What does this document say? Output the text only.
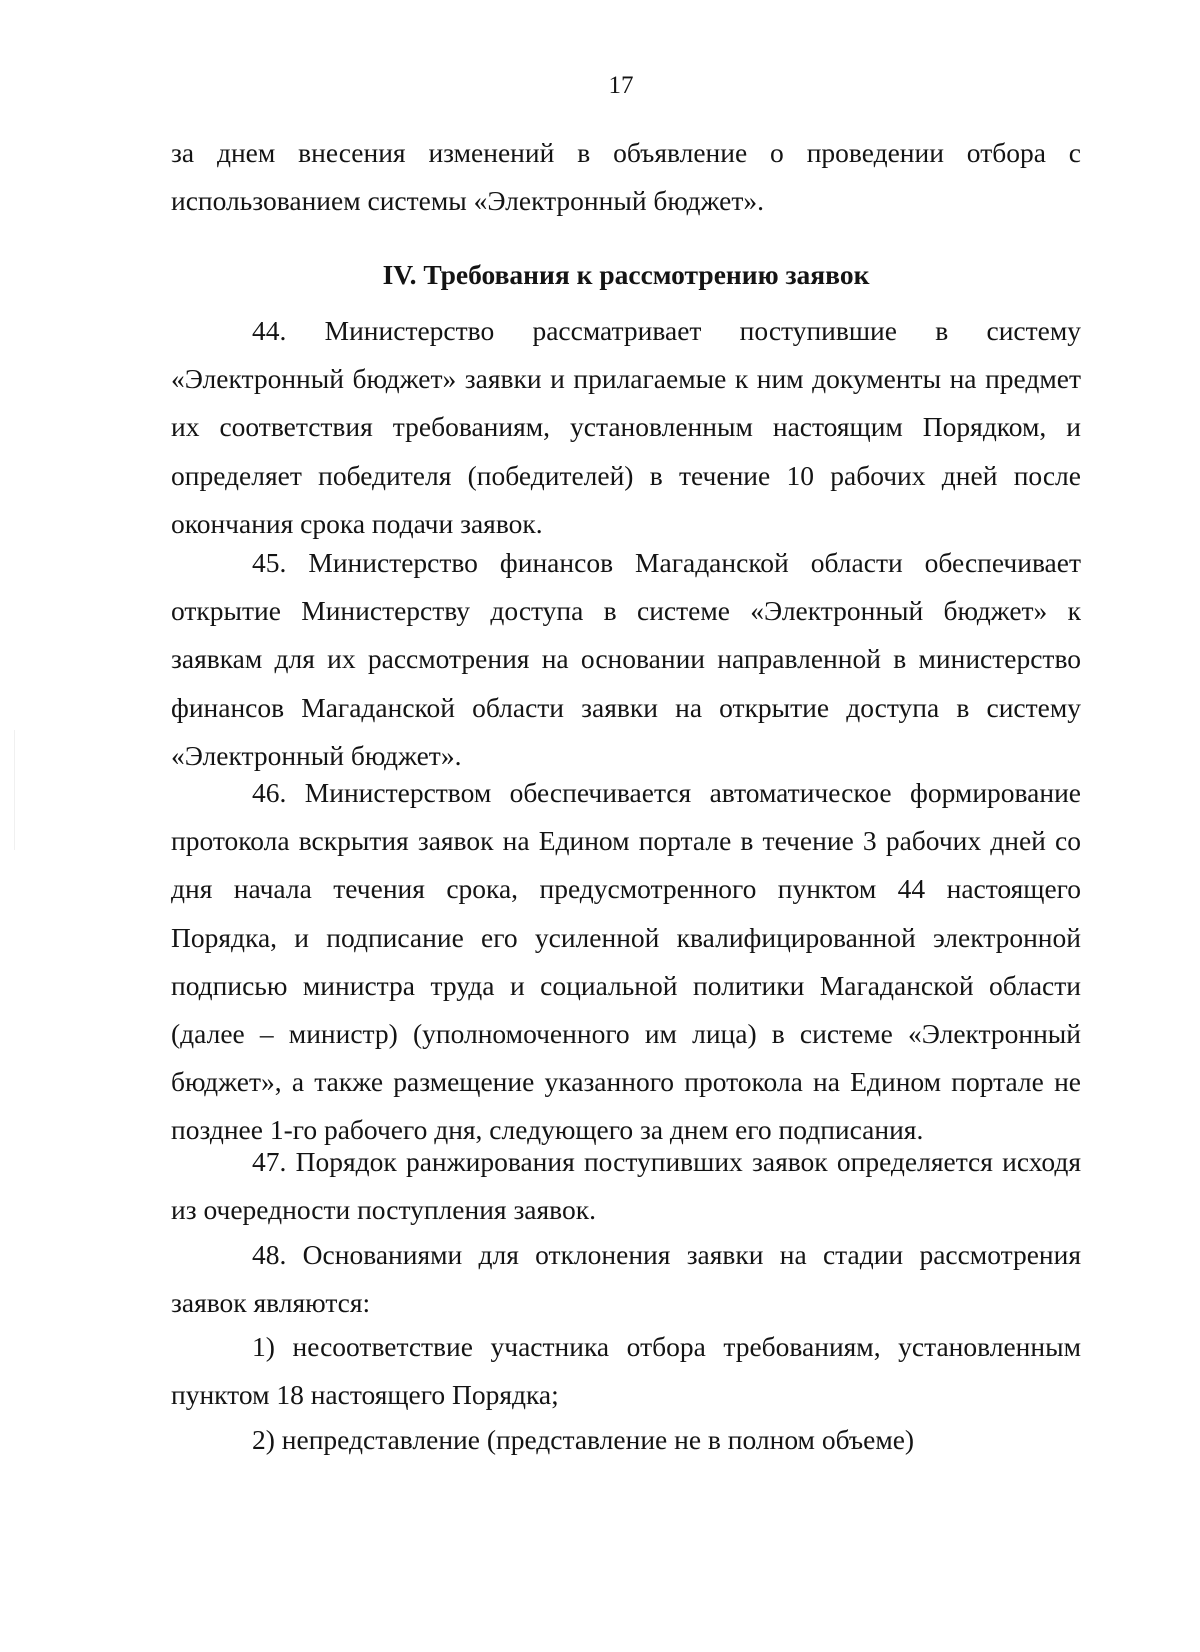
17

за днем внесения изменений в объявление о проведении отбора с использованием системы «Электронный бюджет».

IV. Требования к рассмотрению заявок

44. Министерство рассматривает поступившие в систему «Электронный бюджет» заявки и прилагаемые к ним документы на предмет их соответствия требованиям, установленным настоящим Порядком, и определяет победителя (победителей) в течение 10 рабочих дней после окончания срока подачи заявок.

45. Министерство финансов Магаданской области обеспечивает открытие Министерству доступа в системе «Электронный бюджет» к заявкам для их рассмотрения на основании направленной в министерство финансов Магаданской области заявки на открытие доступа в систему «Электронный бюджет».

46. Министерством обеспечивается автоматическое формирование протокола вскрытия заявок на Едином портале в течение 3 рабочих дней со дня начала течения срока, предусмотренного пунктом 44 настоящего Порядка, и подписание его усиленной квалифицированной электронной подписью министра труда и социальной политики Магаданской области (далее – министр) (уполномоченного им лица) в системе «Электронный бюджет», а также размещение указанного протокола на Едином портале не позднее 1-го рабочего дня, следующего за днем его подписания.

47. Порядок ранжирования поступивших заявок определяется исходя из очередности поступления заявок.

48. Основаниями для отклонения заявки на стадии рассмотрения заявок являются:

1) несоответствие участника отбора требованиям, установленным пунктом 18 настоящего Порядка;

2) непредставление (представление не в полном объеме)
